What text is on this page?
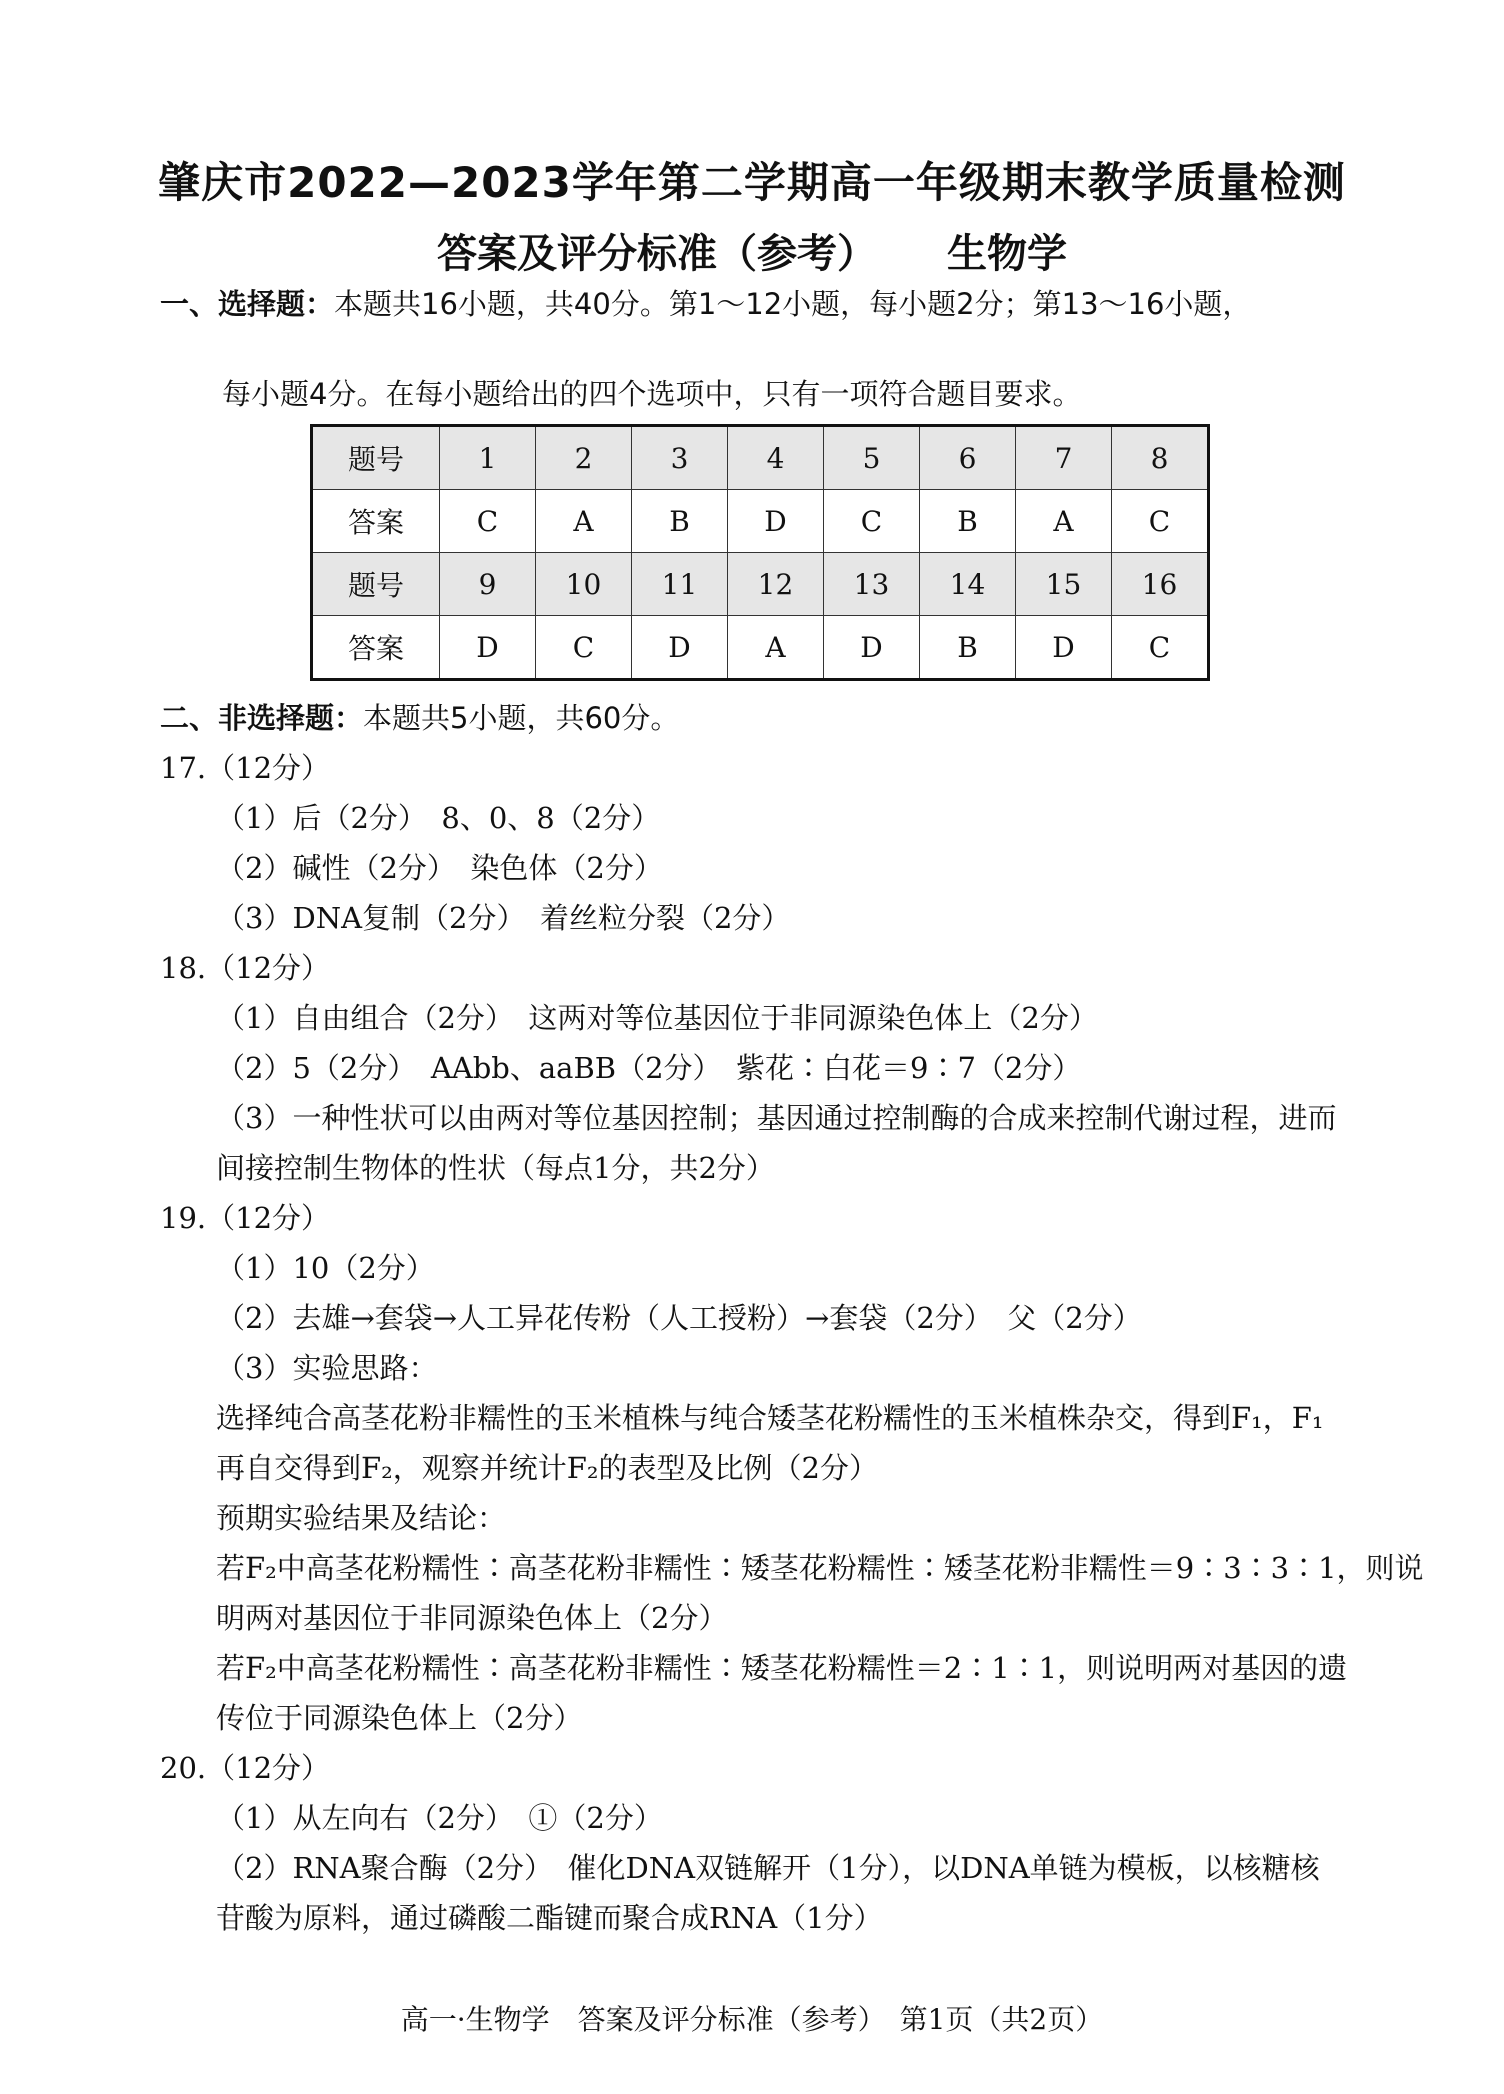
肇庆市2022—2023学年第二学期高一年级期末教学质量检测
答案及评分标准（参考） 生物学
一、选择题：本题共16小题，共40分。第1～12小题，每小题2分；第13～16小题，
每小题4分。在每小题给出的四个选项中，只有一项符合题目要求。
题号	1	2	3	4	5	6	7	8
答案	C	A	B	D	C	B	A	C
题号	9	10	11	12	13	14	15	16
答案	D	C	D	A	D	B	D	C
二、非选择题：本题共5小题，共60分。
17.（12分）
（1）后（2分）　8、0、8（2分）
（2）碱性（2分）　染色体（2分）
（3）DNA复制（2分）　着丝粒分裂（2分）
18.（12分）
（1）自由组合（2分）　这两对等位基因位于非同源染色体上（2分）
（2）5（2分）　AAbb、aaBB（2分）　紫花∶白花＝9∶7（2分）
（3）一种性状可以由两对等位基因控制；基因通过控制酶的合成来控制代谢过程，进而
间接控制生物体的性状（每点1分，共2分）
19.（12分）
（1）10（2分）
（2）去雄→套袋→人工异花传粉（人工授粉）→套袋（2分）　父（2分）
（3）实验思路：
选择纯合高茎花粉非糯性的玉米植株与纯合矮茎花粉糯性的玉米植株杂交，得到F₁，F₁
再自交得到F₂，观察并统计F₂的表型及比例（2分）
预期实验结果及结论：
若F₂中高茎花粉糯性∶高茎花粉非糯性∶矮茎花粉糯性∶矮茎花粉非糯性＝9∶3∶3∶1，则说
明两对基因位于非同源染色体上（2分）
若F₂中高茎花粉糯性∶高茎花粉非糯性∶矮茎花粉糯性＝2∶1∶1，则说明两对基因的遗
传位于同源染色体上（2分）
20.（12分）
（1）从左向右（2分）　①（2分）
（2）RNA聚合酶（2分）　催化DNA双链解开（1分），以DNA单链为模板，以核糖核
苷酸为原料，通过磷酸二酯键而聚合成RNA（1分）
高一·生物学　答案及评分标准（参考）　第1页（共2页）
